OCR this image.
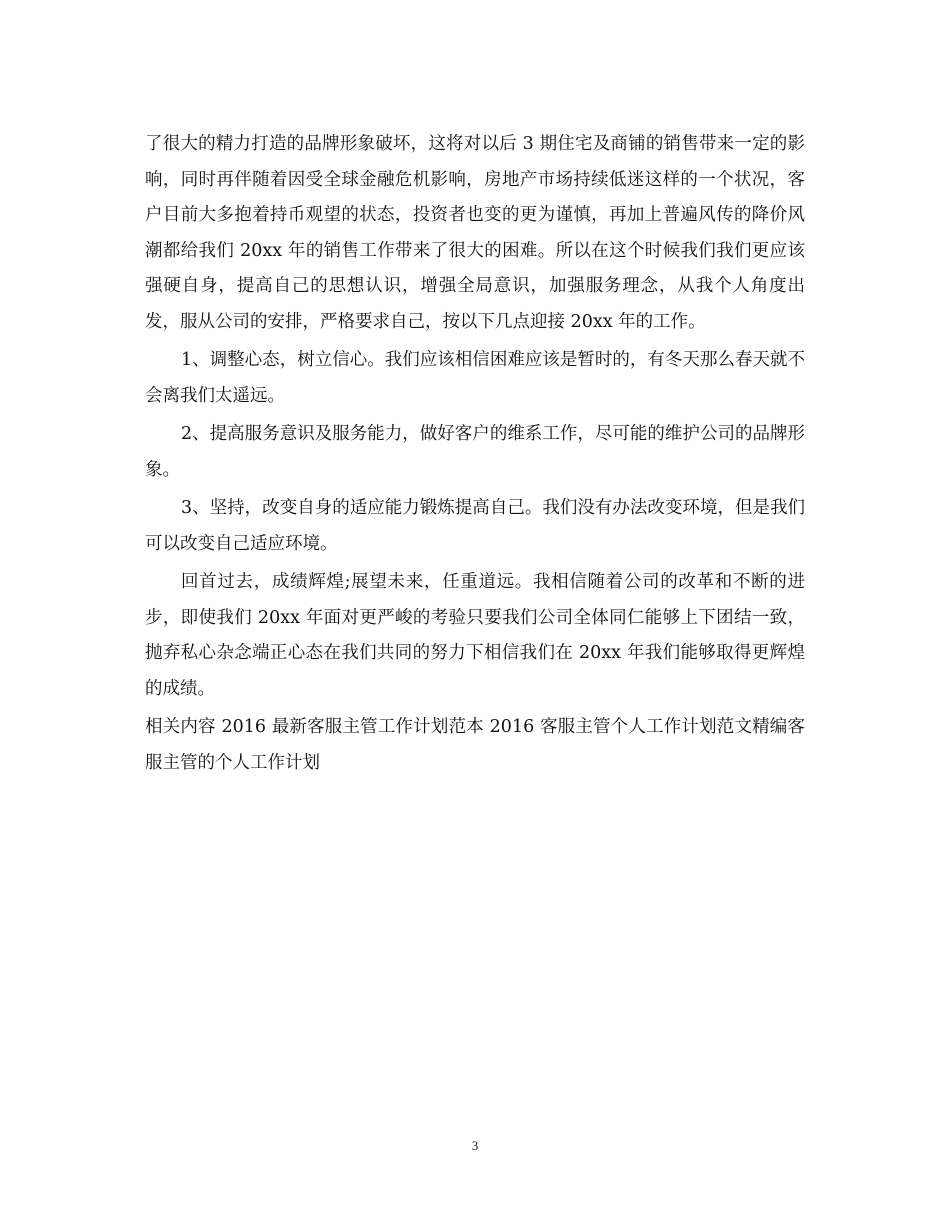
了很大的精力打造的品牌形象破坏，这将对以后 3 期住宅及商铺的销售带来一定的影响，同时再伴随着因受全球金融危机影响，房地产市场持续低迷这样的一个状况，客户目前大多抱着持币观望的状态，投资者也变的更为谨慎，再加上普遍风传的降价风潮都给我们 20xx 年的销售工作带来了很大的困难。所以在这个时候我们我们更应该强硬自身，提高自己的思想认识，增强全局意识，加强服务理念，从我个人角度出发，服从公司的安排，严格要求自己，按以下几点迎接 20xx 年的工作。

1、调整心态，树立信心。我们应该相信困难应该是暂时的，有冬天那么春天就不会离我们太遥远。

2、提高服务意识及服务能力，做好客户的维系工作，尽可能的维护公司的品牌形象。

3、坚持，改变自身的适应能力锻炼提高自己。我们没有办法改变环境，但是我们可以改变自己适应环境。

回首过去，成绩辉煌;展望未来，任重道远。我相信随着公司的改革和不断的进步，即使我们 20xx 年面对更严峻的考验只要我们公司全体同仁能够上下团结一致，抛弃私心杂念端正心态在我们共同的努力下相信我们在 20xx 年我们能够取得更辉煌的成绩。

相关内容 2016 最新客服主管工作计划范本 2016 客服主管个人工作计划范文精编客服主管的个人工作计划

3
